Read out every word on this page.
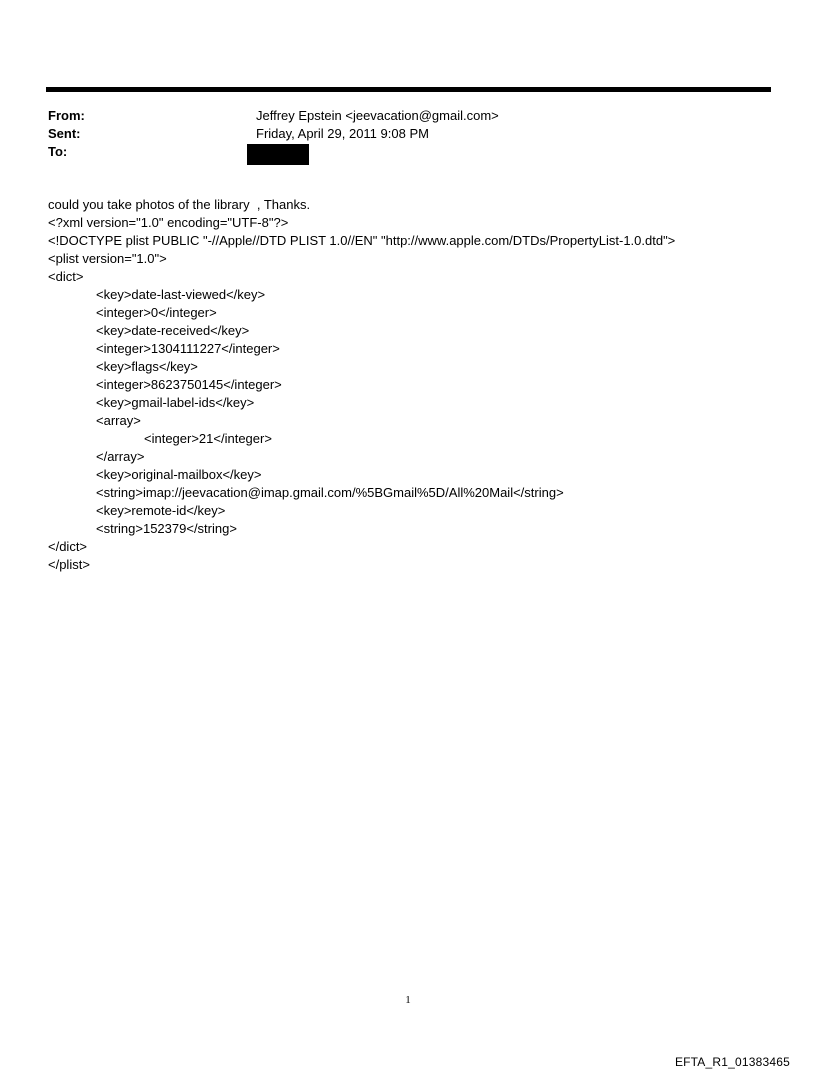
From:	Jeffrey Epstein <jeevacation@gmail.com>
Sent:	Friday, April 29, 2011 9:08 PM
To:
could you take photos of the library  , Thanks.
<?xml version="1.0" encoding="UTF-8"?>
<!DOCTYPE plist PUBLIC "-//Apple//DTD PLIST 1.0//EN" "http://www.apple.com/DTDs/PropertyList-1.0.dtd">
<plist version="1.0">
<dict>
<key>date-last-viewed</key>
<integer>0</integer>
<key>date-received</key>
<integer>1304111227</integer>
<key>flags</key>
<integer>8623750145</integer>
<key>gmail-label-ids</key>
<array>
<integer>21</integer>
</array>
<key>original-mailbox</key>
<string>imap://jeevacation@imap.gmail.com/%5BGmail%5D/All%20Mail</string>
<key>remote-id</key>
<string>152379</string>
</dict>
</plist>
1
EFTA_R1_01383465
